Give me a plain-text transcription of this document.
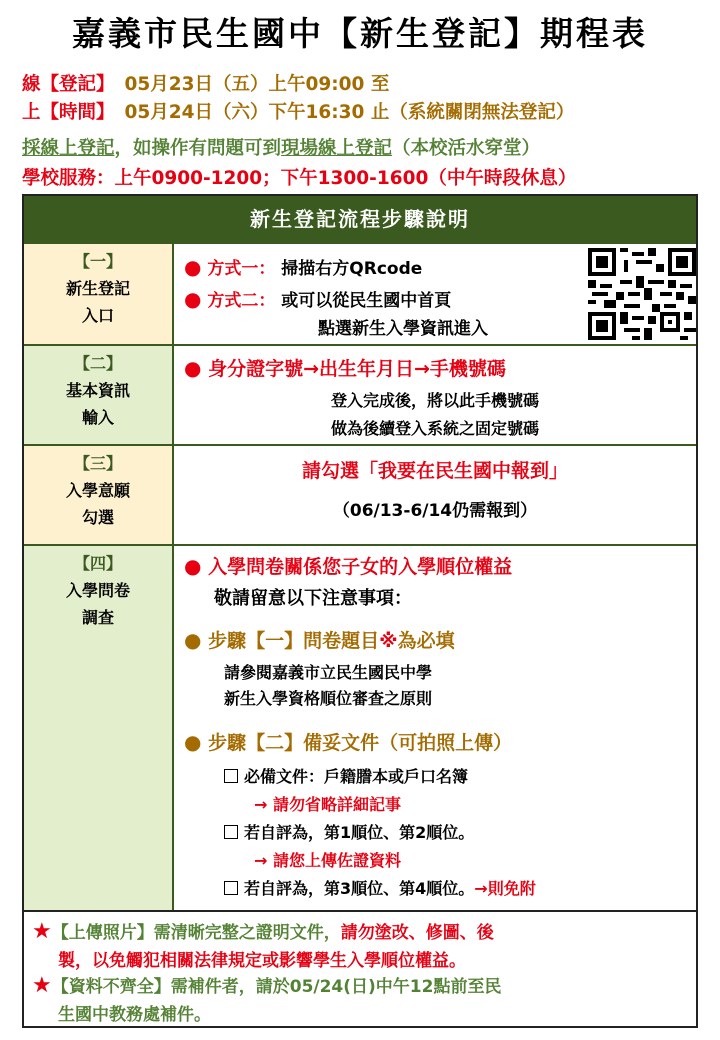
嘉義市民生國中【新生登記】期程表
線【登記】 05月23日（五）上午09:00 至
上【時間】 05月24日（六）下午16:30 止（系統關閉無法登記）
採線上登記，如操作有問題可到現場線上登記（本校活水穿堂）
學校服務：上午0900-1200；下午1300-1600（中午時段休息）
新生登記流程步驟說明
【一】
新生登記
入口
● 方式一： 掃描右方QRcode
● 方式二： 或可以從民生國中首頁
點選新生入學資訊進入
【二】
基本資訊
輸入
● 身分證字號→出生年月日→手機號碼
登入完成後，將以此手機號碼
做為後續登入系統之固定號碼
【三】
入學意願
勾選
請勾選「我要在民生國中報到」
（06/13-6/14仍需報到）
【四】
入學問卷
調查
● 入學問卷關係您子女的入學順位權益
敬請留意以下注意事項：
● 步驟【一】問卷題目※為必填
請參閱嘉義市立民生國民中學
新生入學資格順位審查之原則
● 步驟【二】備妥文件（可拍照上傳）
必備文件：戶籍謄本或戶口名簿
→ 請勿省略詳細記事
若自評為，第1順位、第2順位。
→ 請您上傳佐證資料
若自評為，第3順位、第4順位。→則免附
★【上傳照片】需清晰完整之證明文件，請勿塗改、修圖、後
製，以免觸犯相關法律規定或影響學生入學順位權益。
★【資料不齊全】需補件者，請於05/24(日)中午12點前至民
生國中教務處補件。
